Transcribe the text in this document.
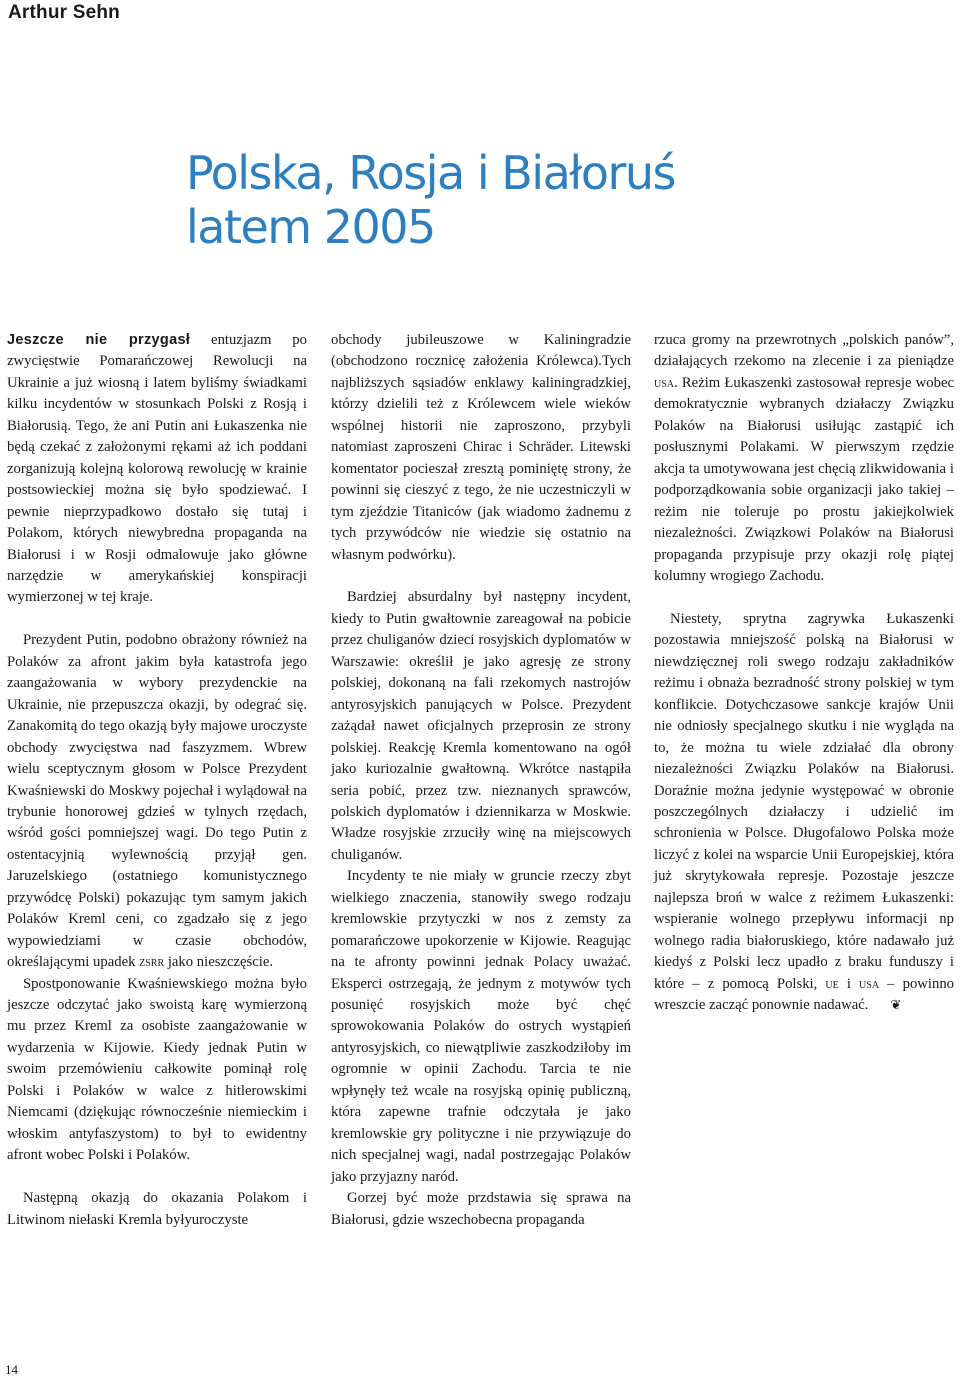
Arthur Sehn
Polska, Rosja i Białoruś
latem 2005

Jeszcze nie przygasł entuzjazm po zwycięstwie Pomarańczowej Rewolucji na Ukrainie a już wiosną i latem byliśmy świadkami kilku incydentów w stosunkach Polski z Rosją i Białorusią. Tego, że ani Putin ani Łukaszenka nie będą czekać z założonymi rękami aż ich poddani zorganizują kolejną kolorową rewolucję w krainie postsowieckiej można się było spodziewać. I pewnie nieprzypadkowo dostało się tutaj i Polakom, których niewybredna propaganda na Białorusi i w Rosji odmalowuje jako główne narzędzie w amerykańskiej konspiracji wymierzonej w tej kraje.

Prezydent Putin, podobno obrażony również na Polaków za afront jakim była katastrofa jego zaangażowania w wybory prezydenckie na Ukrainie, nie przepuszcza okazji, by odegrać się. Zanakomitą do tego okazją były majowe uroczyste obchody zwycięstwa nad faszyzmem. Wbrew wielu sceptycznym głosom w Polsce Prezydent Kwaśniewski do Moskwy pojechał i wylądował na trybunie honorowej gdzieś w tylnych rzędach, wśród gości pomniejszej wagi. Do tego Putin z ostentacyjnią wylewnością przyjął gen. Jaruzelskiego (ostatniego komunistycznego przywódcę Polski) pokazując tym samym jakich Polaków Kreml ceni, co zgadzało się z jego wypowiedziami w czasie obchodów, określającymi upadek zsrr jako nieszczęście.

Spostponowanie Kwaśniewskiego można było jeszcze odczytać jako swoistą karę wymierzoną mu przez Kreml za osobiste zaangażowanie w wydarzenia w Kijowie. Kiedy jednak Putin w swoim przemówieniu całkowite pominął rolę Polski i Polaków w walce z hitlerowskimi Niemcami (dziękując równocześnie niemieckim i włoskim antyfaszystom) to był to ewidentny afront wobec Polski i Polaków.

Następną okazją do okazania Polakom i Litwinom niełaski Kremla byłyuroczyste

obchody jubileuszowe w Kaliningradzie (obchodzono rocznicę założenia Królewca).Tych najbliższych sąsiadów enklawy kaliningradzkiej, którzy dzielili też z Królewcem wiele wieków wspólnej historii nie zaproszono, przybyli natomiast zaproszeni Chirac i Schräder. Litewski komentator pocieszał zresztą pominiętę strony, że powinni się cieszyć z tego, że nie uczestniczyli w tym zjeździe Titaniców (jak wiadomo żadnemu z tych przywódców nie wiedzie się ostatnio na własnym podwórku).

Bardziej absurdalny był następny incydent, kiedy to Putin gwałtownie zareagował na pobicie przez chuliganów dzieci rosyjskich dyplomatów w Warszawie: określił je jako agresję ze strony polskiej, dokonaną na fali rzekomych nastrojów antyrosyjskich panujących w Polsce. Prezydent zażądał nawet oficjalnych przeprosin ze strony polskiej. Reakcję Kremla komentowano na ogół jako kuriozalnie gwałtowną. Wkrótce nastąpiła seria pobić, przez tzw. nieznanych sprawców, polskich dyplomatów i dziennikarza w Moskwie. Władze rosyjskie zrzuciły winę na miejscowych chuliganów.

Incydenty te nie miały w gruncie rzeczy zbyt wielkiego znaczenia, stanowiły swego rodzaju kremlowskie przytyczki w nos z zemsty za pomarańczowe upokorzenie w Kijowie. Reagując na te afronty powinni jednak Polacy uważać. Eksperci ostrzegają, że jednym z motywów tych posunięć rosyjskich może być chęć sprowokowania Polaków do ostrych wystąpień antyrosyjskich, co niewątpliwie zaszkodziłoby im ogromnie w opinii Zachodu. Tarcia te nie wpłynęły też wcale na rosyjską opinię publiczną, która zapewne trafnie odczytała je jako kremlowskie gry polityczne i nie przywiązuje do nich specjalnej wagi, nadal postrzegając Polaków jako przyjazny naród.

Gorzej być może przdstawia się sprawa na Białorusi, gdzie wszechobecna propaganda

rzuca gromy na przewrotnych „polskich panów”, działających rzekomo na zlecenie i za pieniądze usa. Reżim Łukaszenki zastosował represje wobec demokratycznie wybranych działaczy Związku Polaków na Białorusi usiłując zastąpić ich posłusznymi Polakami. W pierwszym rzędzie akcja ta umotywowana jest chęcią zlikwidowania i podporządkowania sobie organizacji jako takiej – reżim nie toleruje po prostu jakiejkolwiek niezależności. Związkowi Polaków na Białorusi propaganda przypisuje przy okazji rolę piątej kolumny wrogiego Zachodu.

Niestety, sprytna zagrywka Łukaszenki pozostawia mniejszość polską na Białorusi w niewdzięcznej roli swego rodzaju zakładników reżimu i obnaża bezradność strony polskiej w tym konflikcie. Dotychczasowe sankcje krajów Unii nie odniosły specjalnego skutku i nie wygląda na to, że można tu wiele zdziałać dla obrony niezależności Związku Polaków na Białorusi. Doraźnie można jedynie występować w obronie poszczególnych działaczy i udzielić im schronienia w Polsce. Długofalowo Polska może liczyć z kolei na wsparcie Unii Europejskiej, która już skrytykowała represje. Pozostaje jeszcze najlepsza broń w walce z reżimem Łukaszenki: wspieranie wolnego przepływu informacji np wolnego radia białoruskiego, które nadawało już kiedyś z Polski lecz upadło z braku funduszy i które – z pomocą Polski, ue i usa – powinno wreszcie zacząć ponownie nadawać. ❦

14
